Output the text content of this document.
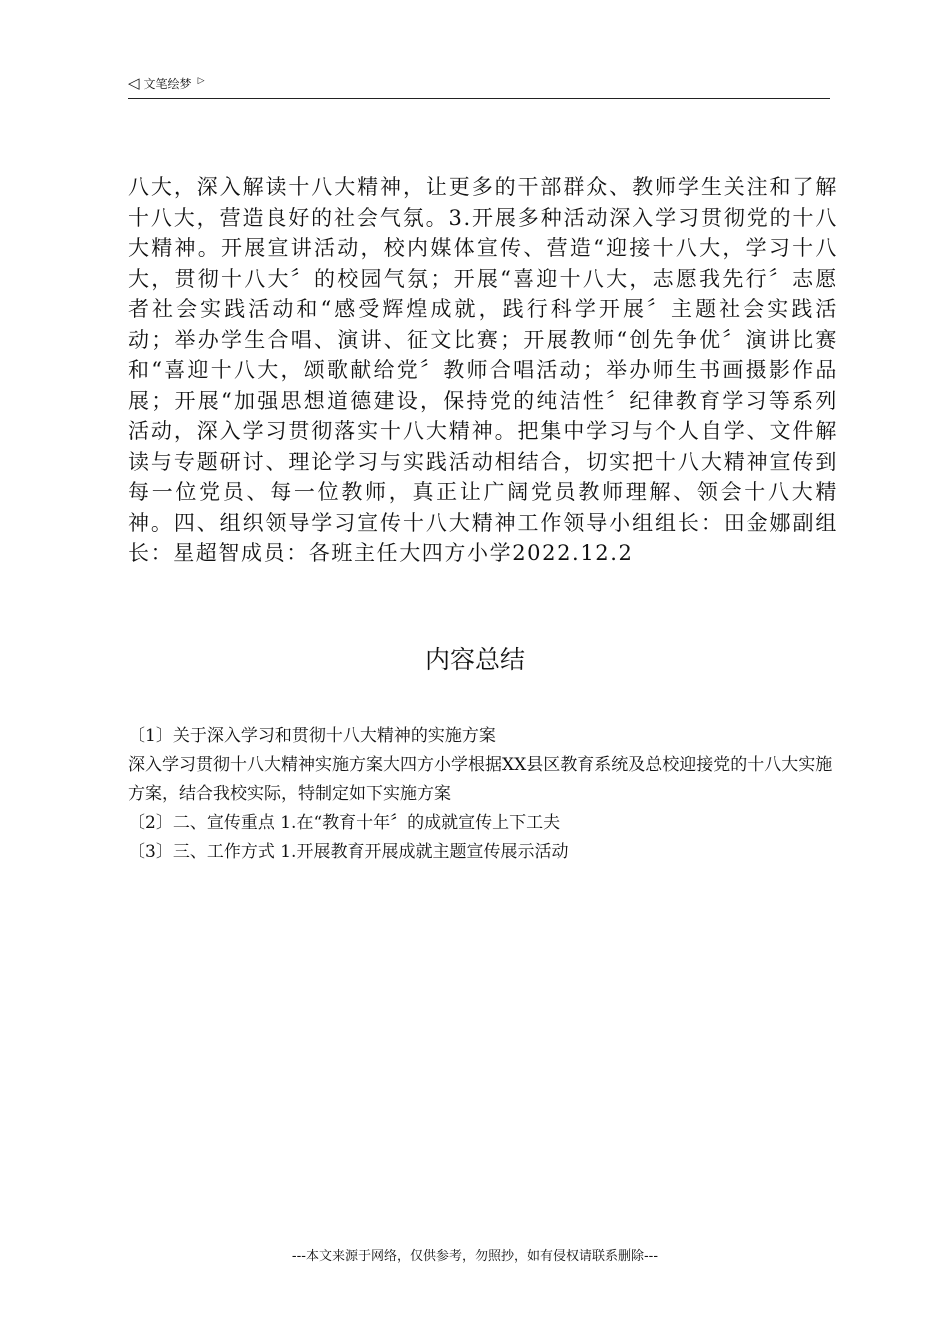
◁ 文笔绘梦 ▷

八大，深入解读十八大精神，让更多的干部群众、教师学生关注和了解十八大，营造良好的社会气氛。3.开展多种活动深入学习贯彻党的十八大精神。开展宣讲活动，校内媒体宣传、营造“迎接十八大，学习十八大，贯彻十八大〞的校园气氛；开展“喜迎十八大，志愿我先行〞志愿者社会实践活动和“感受辉煌成就，践行科学开展〞主题社会实践活动；举办学生合唱、演讲、征文比赛；开展教师“创先争优〞演讲比赛和“喜迎十八大，颂歌献给党〞教师合唱活动；举办师生书画摄影作品展；开展“加强思想道德建设，保持党的纯洁性〞纪律教育学习等系列活动，深入学习贯彻落实十八大精神。把集中学习与个人自学、文件解读与专题研讨、理论学习与实践活动相结合，切实把十八大精神宣传到每一位党员、每一位教师，真正让广阔党员教师理解、领会十八大精神。四、组织领导学习宣传十八大精神工作领导小组组长：田金娜副组长：星超智成员：各班主任大四方小学2022.12.2

内容总结

〔1〕关于深入学习和贯彻十八大精神的实施方案

深入学习贯彻十八大精神实施方案大四方小学根据XX县区教育系统及总校迎接党的十八大实施方案，结合我校实际，特制定如下实施方案

〔2〕二、宣传重点 1.在“教育十年〞的成就宣传上下工夫

〔3〕三、工作方式 1.开展教育开展成就主题宣传展示活动

---本文来源于网络，仅供参考，勿照抄，如有侵权请联系删除---
